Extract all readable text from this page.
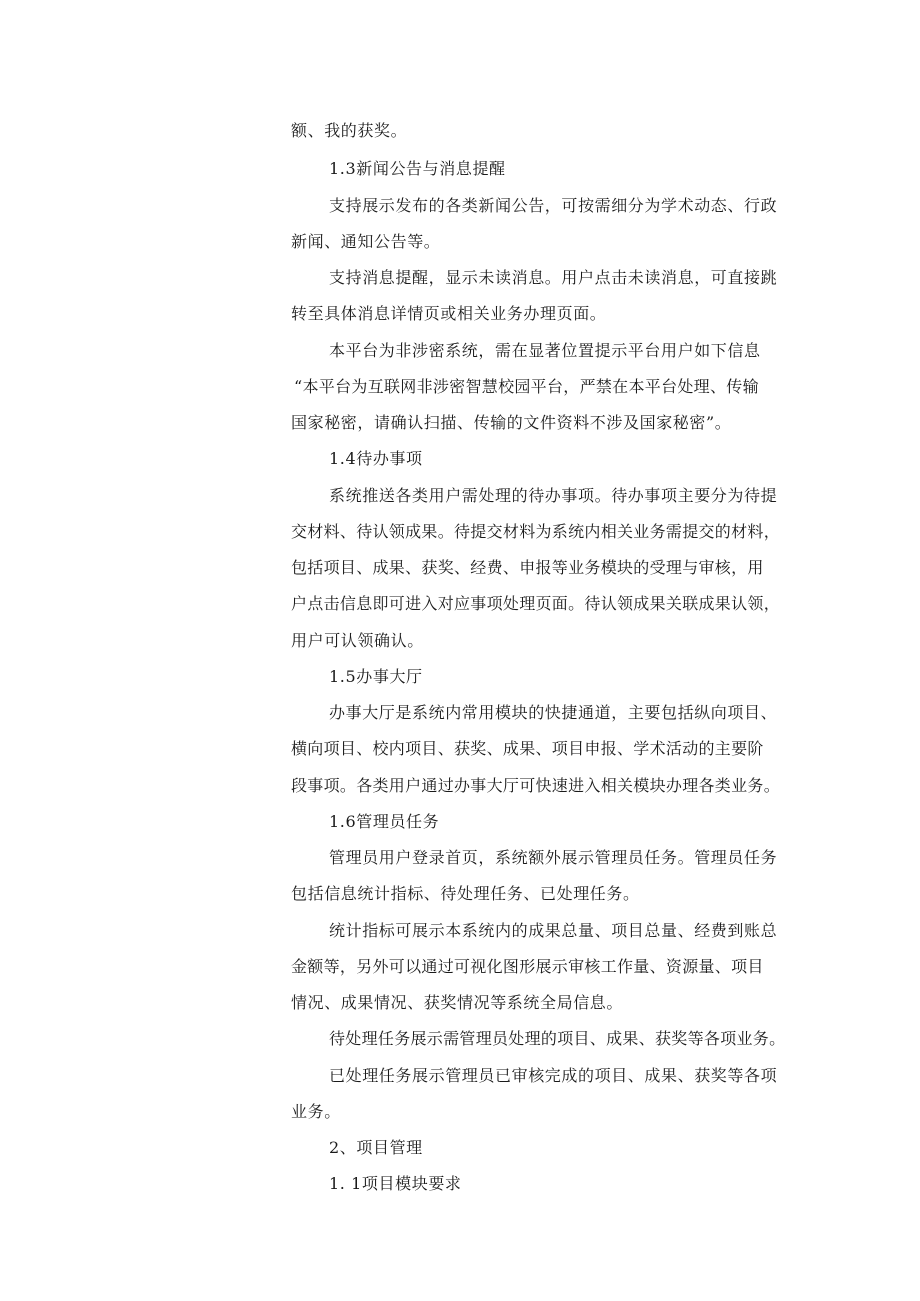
额、我的获奖。
1.3新闻公告与消息提醒
支持展示发布的各类新闻公告，可按需细分为学术动态、行政
新闻、通知公告等。
支持消息提醒，显示未读消息。用户点击未读消息，可直接跳
转至具体消息详情页或相关业务办理页面。
本平台为非涉密系统，需在显著位置提示平台用户如下信息
“本平台为互联网非涉密智慧校园平台，严禁在本平台处理、传输
国家秘密，请确认扫描、传输的文件资料不涉及国家秘密”。
1.4待办事项
系统推送各类用户需处理的待办事项。待办事项主要分为待提
交材料、待认领成果。待提交材料为系统内相关业务需提交的材料，
包括项目、成果、获奖、经费、申报等业务模块的受理与审核，用
户点击信息即可进入对应事项处理页面。待认领成果关联成果认领，
用户可认领确认。
1.5办事大厅
办事大厅是系统内常用模块的快捷通道，主要包括纵向项目、
横向项目、校内项目、获奖、成果、项目申报、学术活动的主要阶
段事项。各类用户通过办事大厅可快速进入相关模块办理各类业务。
1.6管理员任务
管理员用户登录首页，系统额外展示管理员任务。管理员任务
包括信息统计指标、待处理任务、已处理任务。
统计指标可展示本系统内的成果总量、项目总量、经费到账总
金额等，另外可以通过可视化图形展示审核工作量、资源量、项目
情况、成果情况、获奖情况等系统全局信息。
待处理任务展示需管理员处理的项目、成果、获奖等各项业务。
已处理任务展示管理员已审核完成的项目、成果、获奖等各项
业务。
2、项目管理
1. 1项目模块要求
